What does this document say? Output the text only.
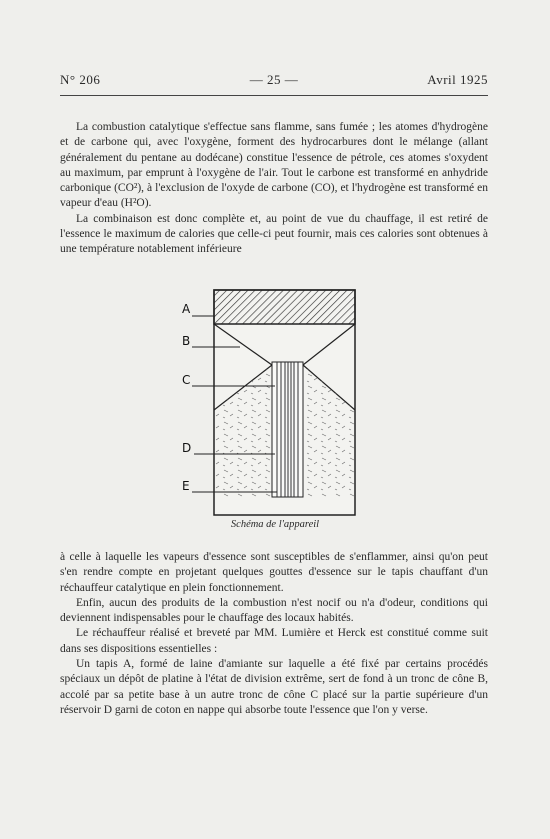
N° 206	— 25 —	Avril 1925

La combustion catalytique s'effectue sans flamme, sans fumée ; les atomes d'hydrogène et de carbone qui, avec l'oxygène, forment des hydrocarbures dont le mélange (allant généralement du pentane au dodécane) constitue l'essence de pétrole, ces atomes s'oxydent au maximum, par emprunt à l'oxygène de l'air. Tout le carbone est transformé en anhydride carbonique (CO²), à l'exclusion de l'oxyde de carbone (CO), et l'hydrogène est transformé en vapeur d'eau (H²O).

La combinaison est donc complète et, au point de vue du chauffage, il est retiré de l'essence le maximum de calories que celle-ci peut fournir, mais ces calories sont obtenues à une température notablement inférieure

A
B
C
D
E
Schéma de l'appareil

à celle à laquelle les vapeurs d'essence sont susceptibles de s'enflammer, ainsi qu'on peut s'en rendre compte en projetant quelques gouttes d'essence sur le tapis chauffant d'un réchauffeur catalytique en plein fonctionnement.

Enfin, aucun des produits de la combustion n'est nocif ou n'a d'odeur, conditions qui deviennent indispensables pour le chauffage des locaux habités.

Le réchauffeur réalisé et breveté par MM. Lumière et Herck est constitué comme suit dans ses dispositions essentielles :

Un tapis A, formé de laine d'amiante sur laquelle a été fixé par certains procédés spéciaux un dépôt de platine à l'état de division extrême, sert de fond à un tronc de cône B, accolé par sa petite base à un autre tronc de cône C placé sur la partie supérieure d'un réservoir D garni de coton en nappe qui absorbe toute l'essence que l'on y verse.
